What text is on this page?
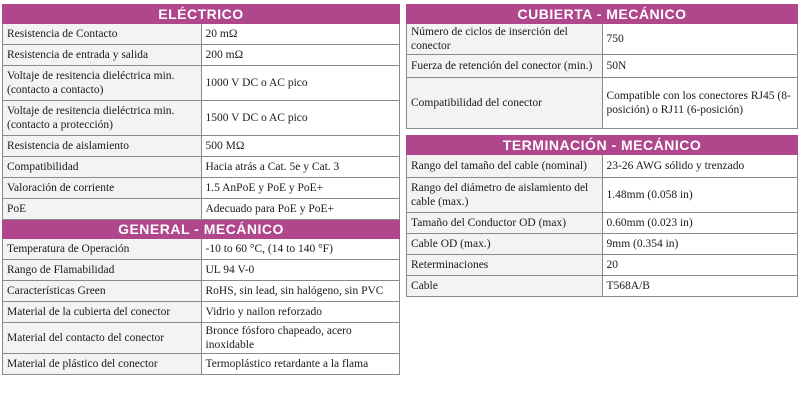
ELÉCTRICO	
Resistencia de Contacto	20 mΩ
Resistencia de entrada y salida	200 mΩ
Voltaje de resitencia dieléctrica min. (contacto a contacto)	1000 V DC o AC pico
Voltaje de resitencia dieléctrica min. (contacto a protección)	1500 V DC o AC pico
Resistencia de aislamiento	500 MΩ
Compatibilidad	Hacia atrás a Cat. 5e y Cat. 3
Valoración de corriente	1.5 AnPoE y PoE y PoE+
PoE	Adecuado para PoE y PoE+
GENERAL - MECÁNICO	
Temperatura de Operación	-10 to 60 °C, (14 to 140 °F)
Rango de Flamabilidad	UL 94 V-0
Características Green	RoHS, sin lead, sin halógeno, sin PVC
Material de la cubierta del conector	Vidrio y nailon reforzado
Material del contacto del conector	Bronce fósforo chapeado, acero inoxidable
Material de plástico del conector	Termoplástico retardante a la flama
CUBIERTA - MECÁNICO	
Número de ciclos de inserción del conector	750
Fuerza de retención del conector (min.)	50N
Compatibilidad del conector	Compatible con los conectores RJ45 (8-posición) o RJ11 (6-posición)
TERMINACIÓN - MECÁNICO	
Rango del tamaño del cable (nominal)	23-26 AWG sólido y trenzado
Rango del diámetro de aislamiento del cable (max.)	1.48mm (0.058 in)
Tamaño del Conductor OD (max)	0.60mm (0.023 in)
Cable OD (max.)	9mm (0.354 in)
Reterminaciones	20
Cable	T568A/B
